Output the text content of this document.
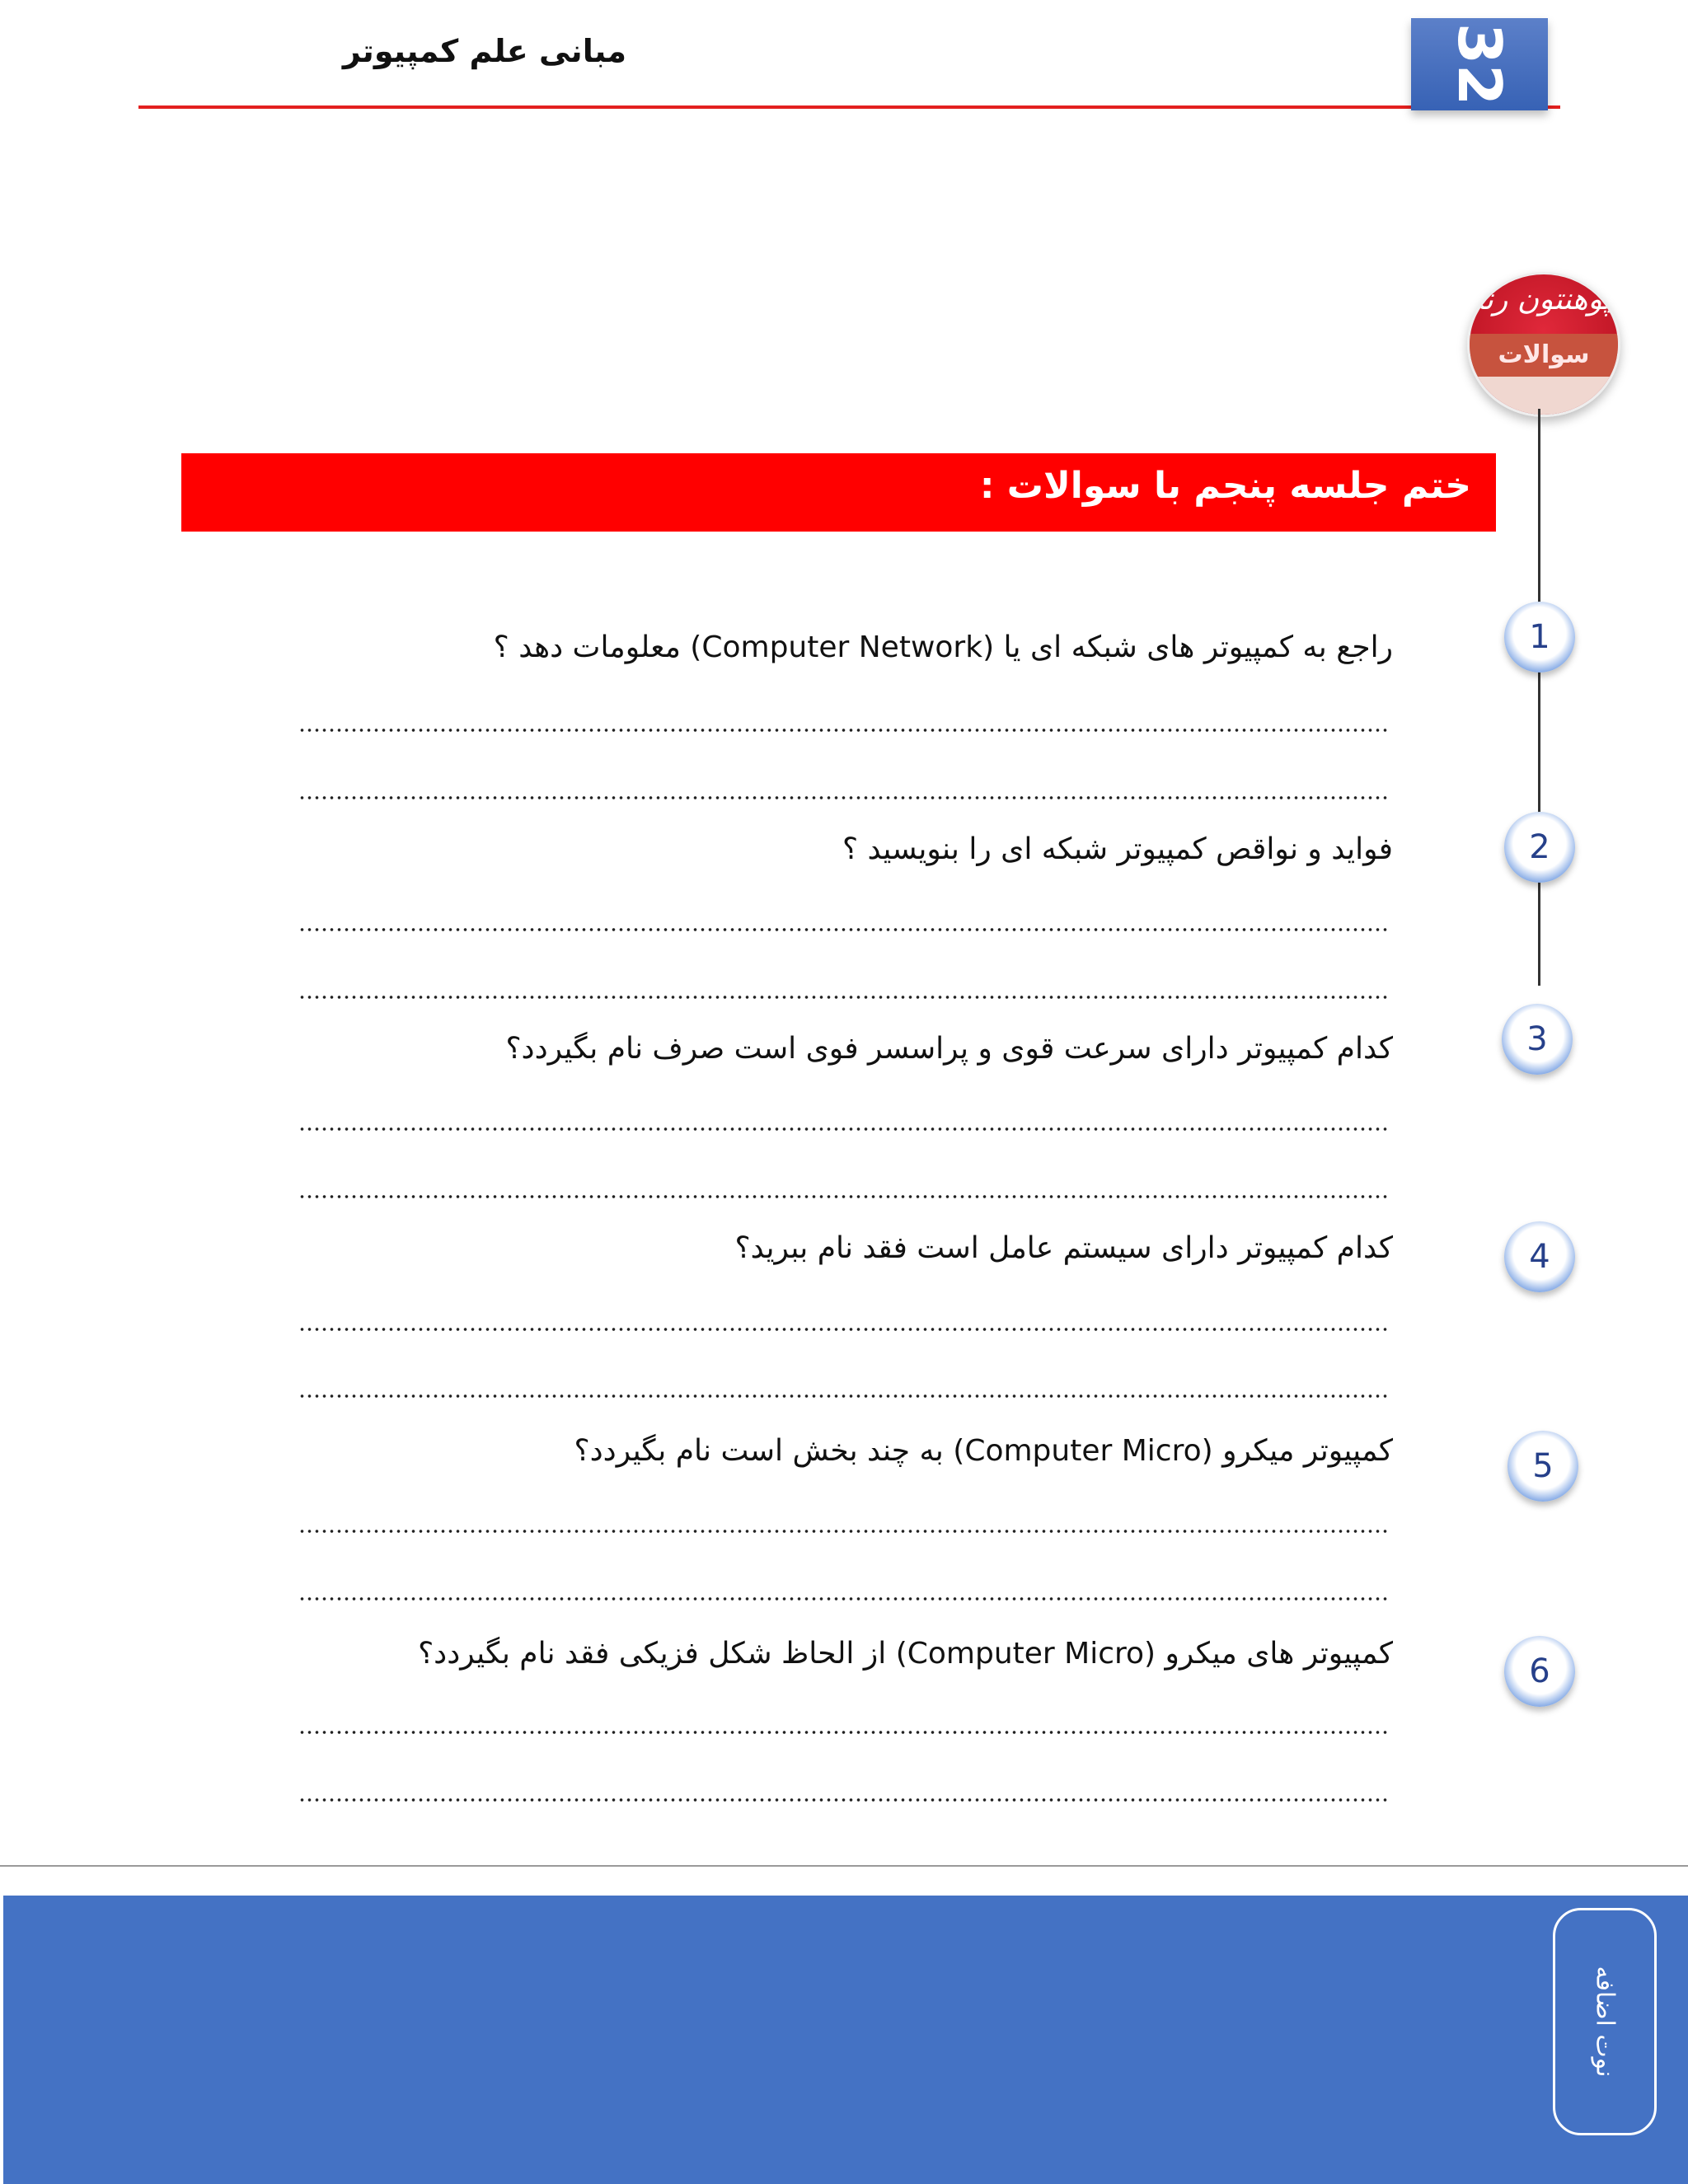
مبانی علم کمپیوتر	32
پوهنتون رنا
سوالات
ختم جلسه پنجم با سوالات :
1
2
3
4
5
6
راجع به کمپیوتر های شبکه ای یا (Computer Network) معلومات دهد ؟
فواید و نواقص کمپیوتر شبکه ای را بنویسید ؟
کدام کمپیوتر دارای سرعت قوی و پراسسر فوی است صرف نام بگیردد؟
کدام کمپیوتر دارای سیستم عامل است فقد نام ببرید؟
کمپیوتر میکرو (Computer Micro) به چند بخش است نام بگیردد؟
کمپیوتر های میکرو (Computer Micro) از الحاظ شکل فزیکی فقد نام بگیردد؟
نوت اضافه
